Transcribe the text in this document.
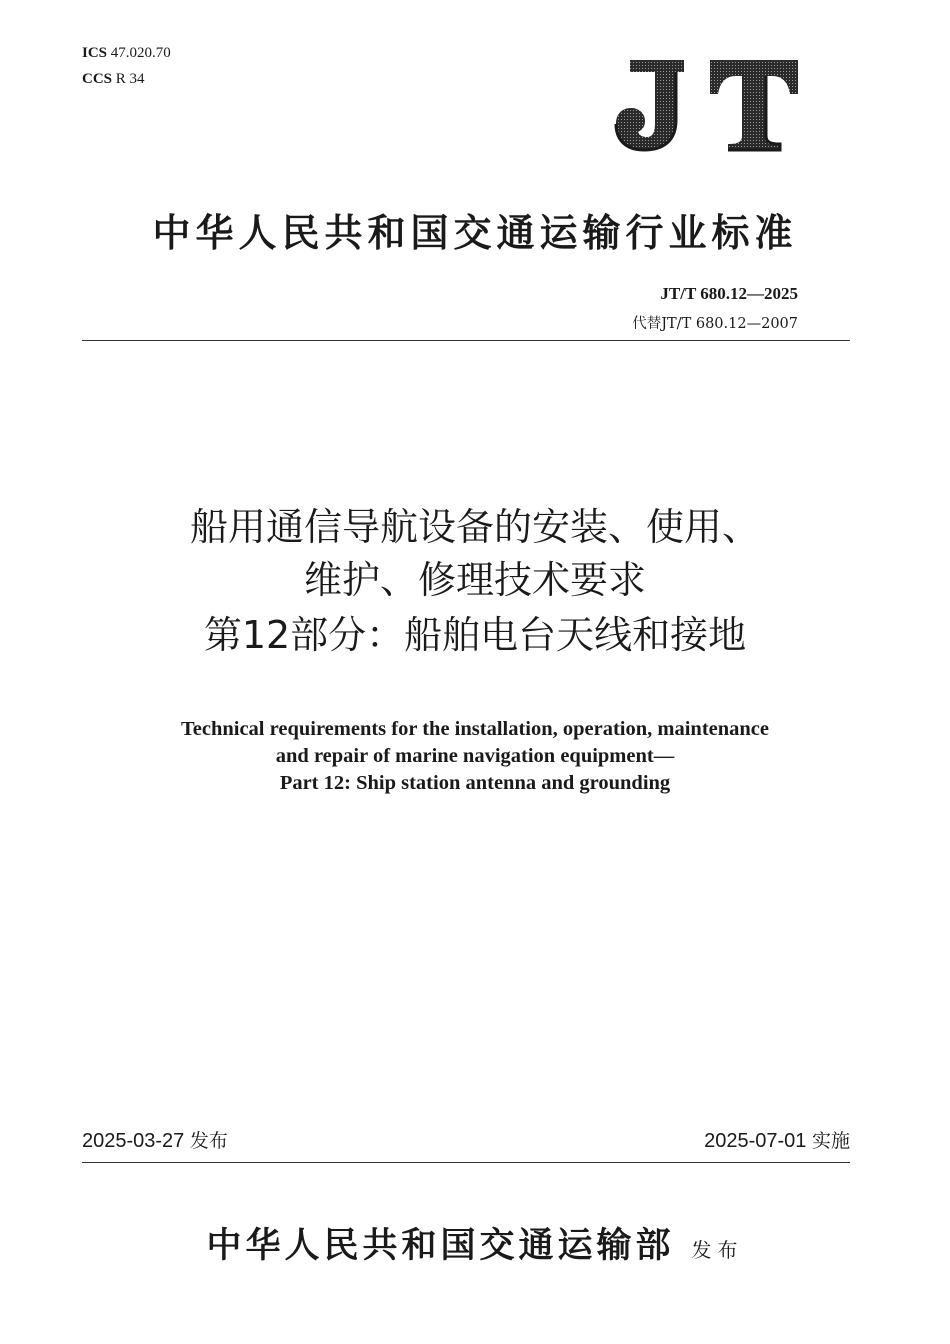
ICS 47.020.70
CCS R 34
JT
中华人民共和国交通运输行业标准
JT/T 680.12—2025
代替JT/T 680.12—2007
船用通信导航设备的安装、使用、
维护、修理技术要求
第12部分：船舶电台天线和接地
Technical requirements for the installation, operation, maintenance
and repair of marine navigation equipment—
Part 12: Ship station antenna and grounding
2025-03-27 发布	2025-07-01 实施
中华人民共和国交通运输部 发布
